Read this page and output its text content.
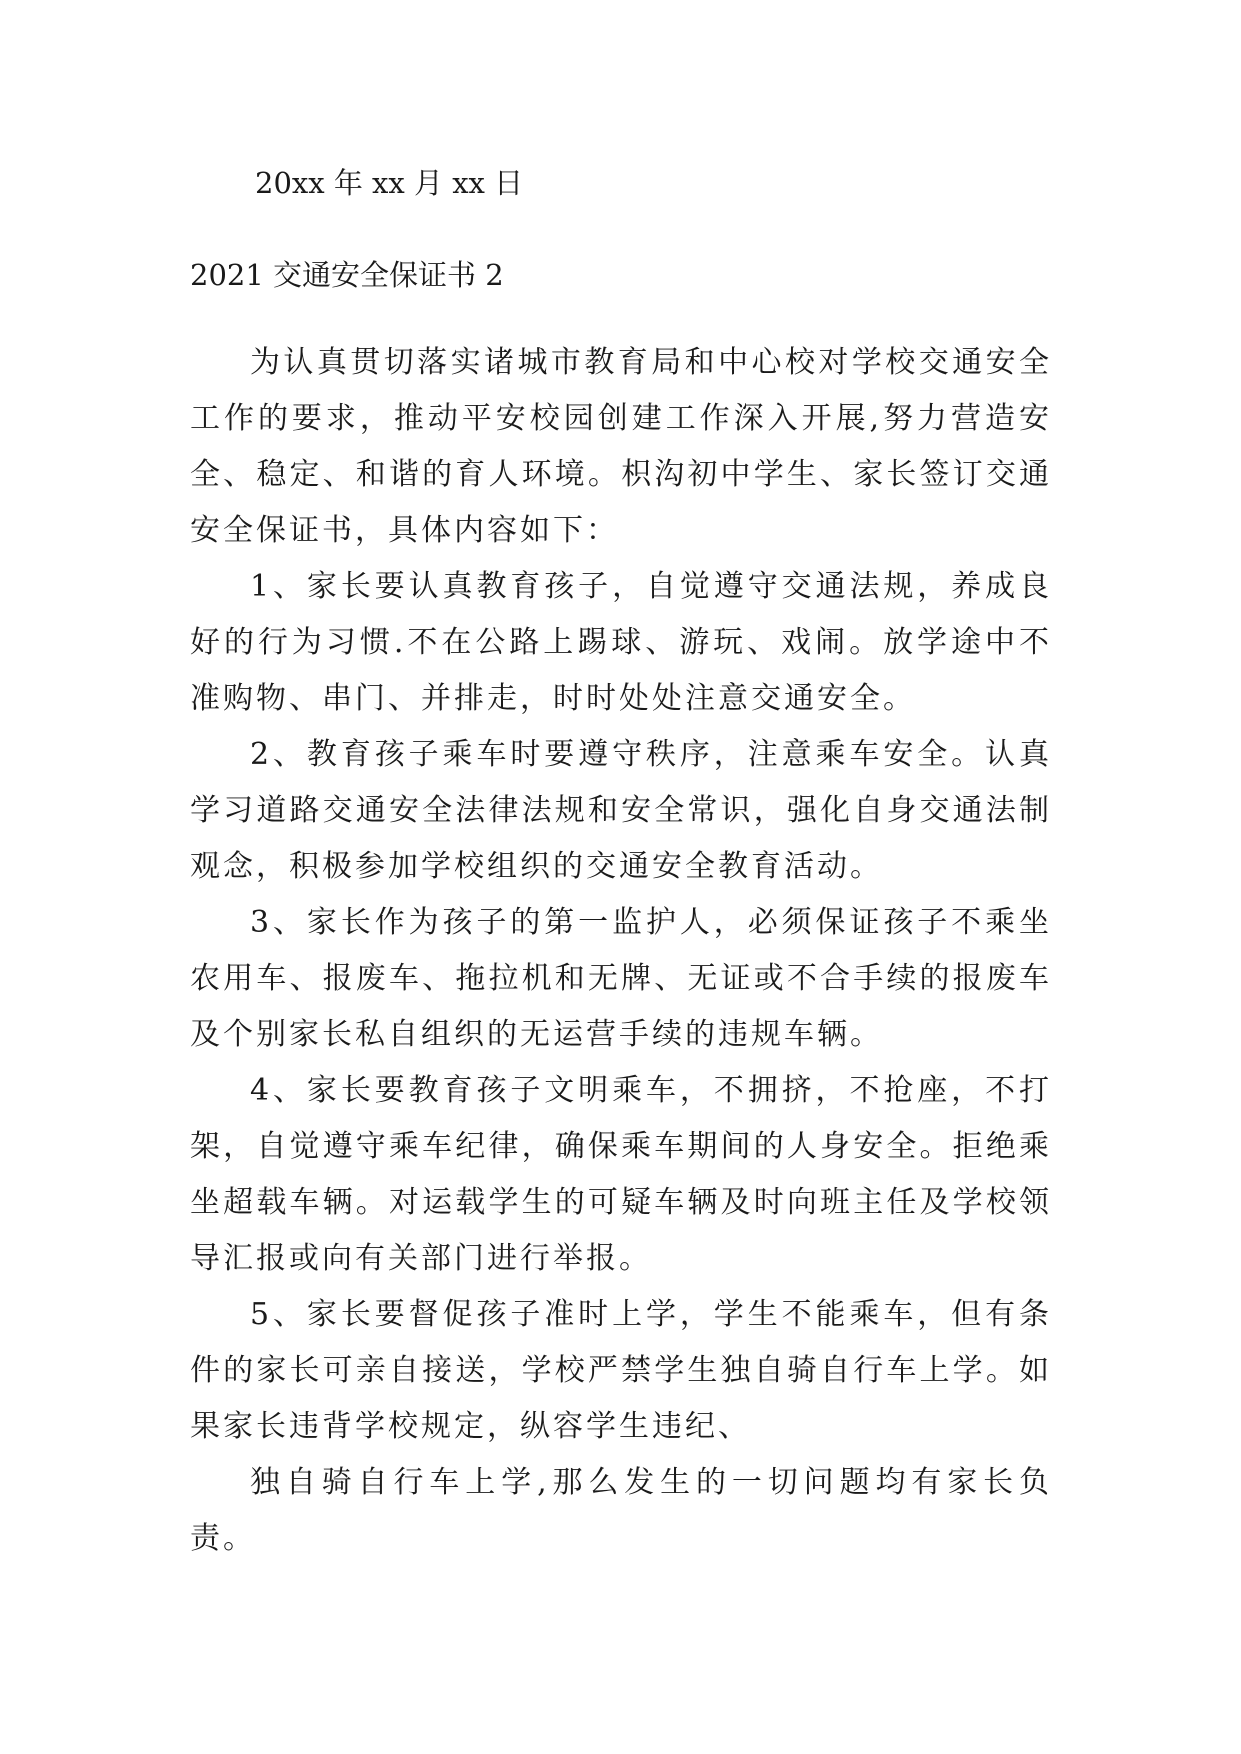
20xx 年 xx 月 xx 日
2021 交通安全保证书 2

为认真贯切落实诸城市教育局和中心校对学校交通安全工作的要求，推动平安校园创建工作深入开展,努力营造安全、稳定、和谐的育人环境。枳沟初中学生、家长签订交通安全保证书，具体内容如下：

1、家长要认真教育孩子，自觉遵守交通法规，养成良好的行为习惯.不在公路上踢球、游玩、戏闹。放学途中不准购物、串门、并排走，时时处处注意交通安全。

2、教育孩子乘车时要遵守秩序，注意乘车安全。认真学习道路交通安全法律法规和安全常识，强化自身交通法制观念，积极参加学校组织的交通安全教育活动。

3、家长作为孩子的第一监护人，必须保证孩子不乘坐农用车、报废车、拖拉机和无牌、无证或不合手续的报废车及个别家长私自组织的无运营手续的违规车辆。

4、家长要教育孩子文明乘车，不拥挤，不抢座，不打架，自觉遵守乘车纪律，确保乘车期间的人身安全。拒绝乘坐超载车辆。对运载学生的可疑车辆及时向班主任及学校领导汇报或向有关部门进行举报。

5、家长要督促孩子准时上学，学生不能乘车，但有条件的家长可亲自接送，学校严禁学生独自骑自行车上学。如果家长违背学校规定，纵容学生违纪、

独自骑自行车上学,那么发生的一切问题均有家长负责。
